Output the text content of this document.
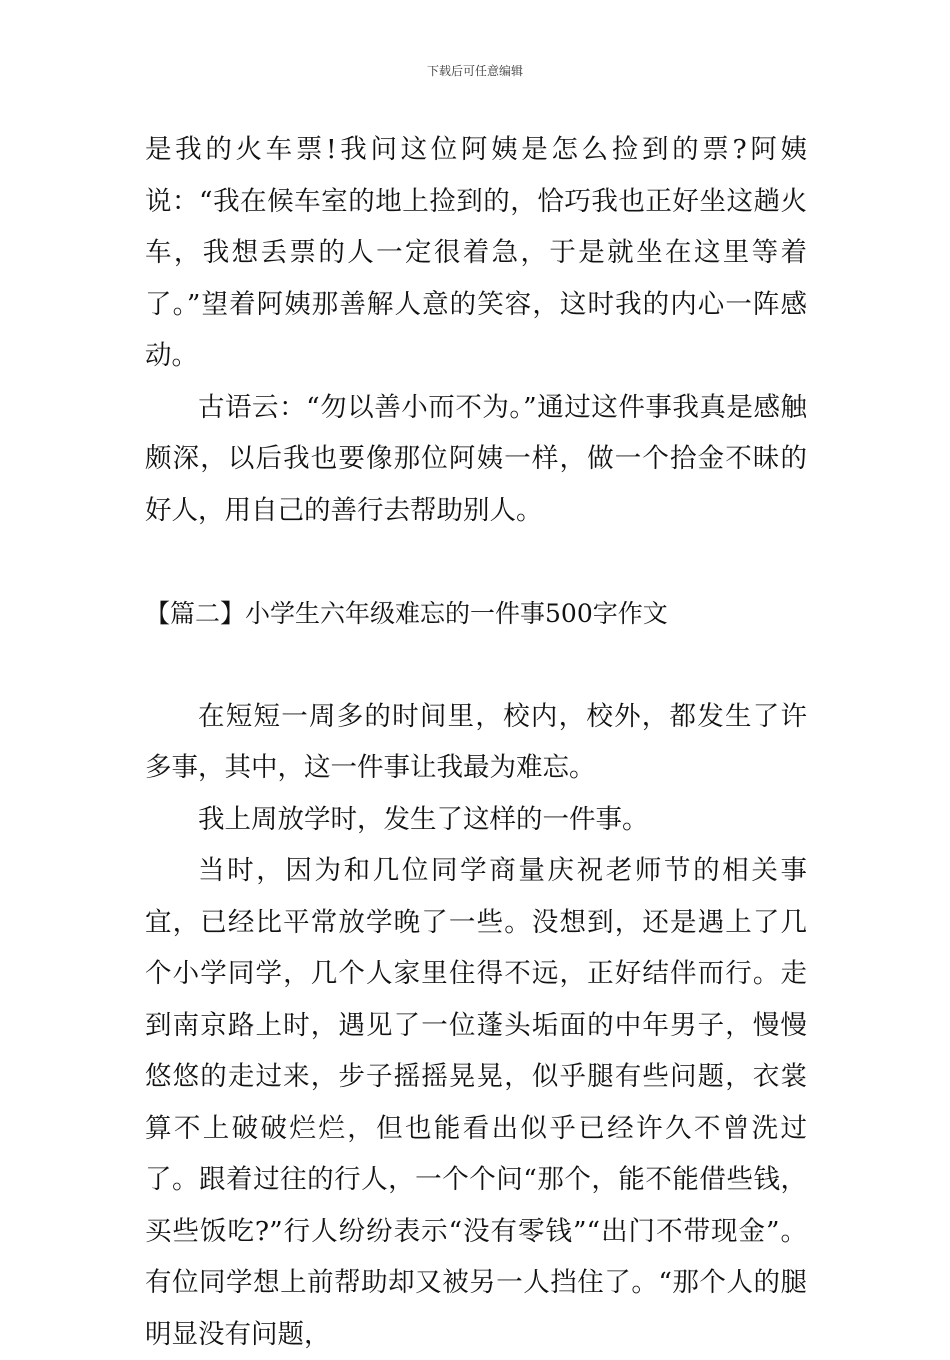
下载后可任意编辑

是我的火车票!我问这位阿姨是怎么捡到的票?阿姨说：“我在候车室的地上捡到的，恰巧我也正好坐这趟火车，我想丢票的人一定很着急，于是就坐在这里等着了。”望着阿姨那善解人意的笑容，这时我的内心一阵感动。

古语云：“勿以善小而不为。”通过这件事我真是感触颇深，以后我也要像那位阿姨一样，做一个拾金不昧的好人，用自己的善行去帮助别人。

【篇二】小学生六年级难忘的一件事500字作文

在短短一周多的时间里，校内，校外，都发生了许多事，其中，这一件事让我最为难忘。

我上周放学时，发生了这样的一件事。

当时，因为和几位同学商量庆祝老师节的相关事宜，已经比平常放学晚了一些。没想到，还是遇上了几个小学同学，几个人家里住得不远，正好结伴而行。走到南京路上时，遇见了一位蓬头垢面的中年男子，慢慢悠悠的走过来，步子摇摇晃晃，似乎腿有些问题，衣裳算不上破破烂烂，但也能看出似乎已经许久不曾洗过了。跟着过往的行人，一个个问“那个，能不能借些钱，买些饭吃?”行人纷纷表示“没有零钱”“出门不带现金”。有位同学想上前帮助却又被另一人挡住了。“那个人的腿明显没有问题，
